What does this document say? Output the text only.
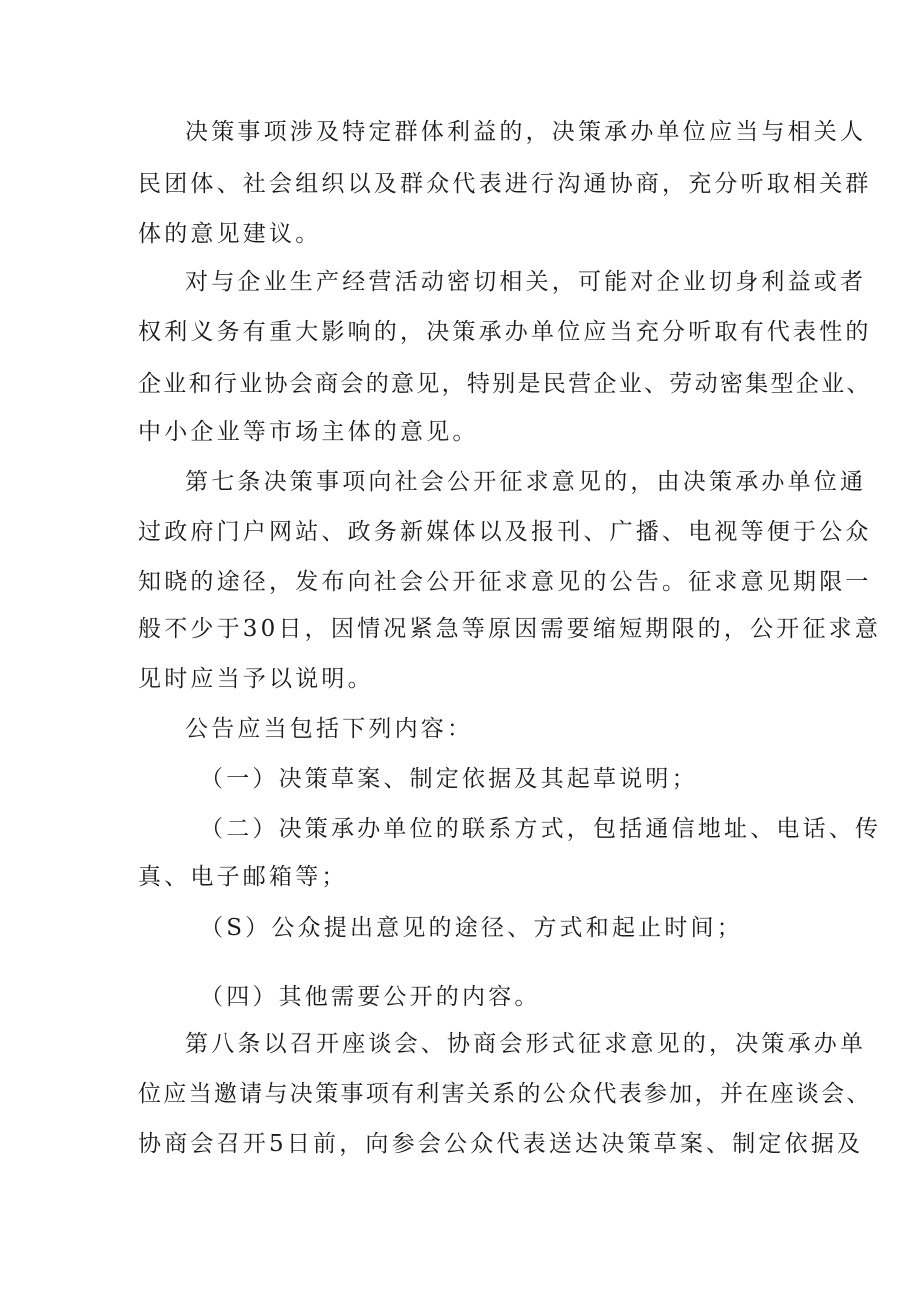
决策事项涉及特定群体利益的，决策承办单位应当与相关人
民团体、社会组织以及群众代表进行沟通协商，充分听取相关群
体的意见建议。
对与企业生产经营活动密切相关，可能对企业切身利益或者
权利义务有重大影响的，决策承办单位应当充分听取有代表性的
企业和行业协会商会的意见，特别是民营企业、劳动密集型企业、
中小企业等市场主体的意见。
第七条决策事项向社会公开征求意见的，由决策承办单位通
过政府门户网站、政务新媒体以及报刊、广播、电视等便于公众
知晓的途径，发布向社会公开征求意见的公告。征求意见期限一
般不少于30日，因情况紧急等原因需要缩短期限的，公开征求意
见时应当予以说明。
公告应当包括下列内容：
（一）决策草案、制定依据及其起草说明；
（二）决策承办单位的联系方式，包括通信地址、电话、传
真、电子邮箱等；
（S）公众提出意见的途径、方式和起止时间；
（四）其他需要公开的内容。
第八条以召开座谈会、协商会形式征求意见的，决策承办单
位应当邀请与决策事项有利害关系的公众代表参加，并在座谈会、
协商会召开5日前，向参会公众代表送达决策草案、制定依据及
